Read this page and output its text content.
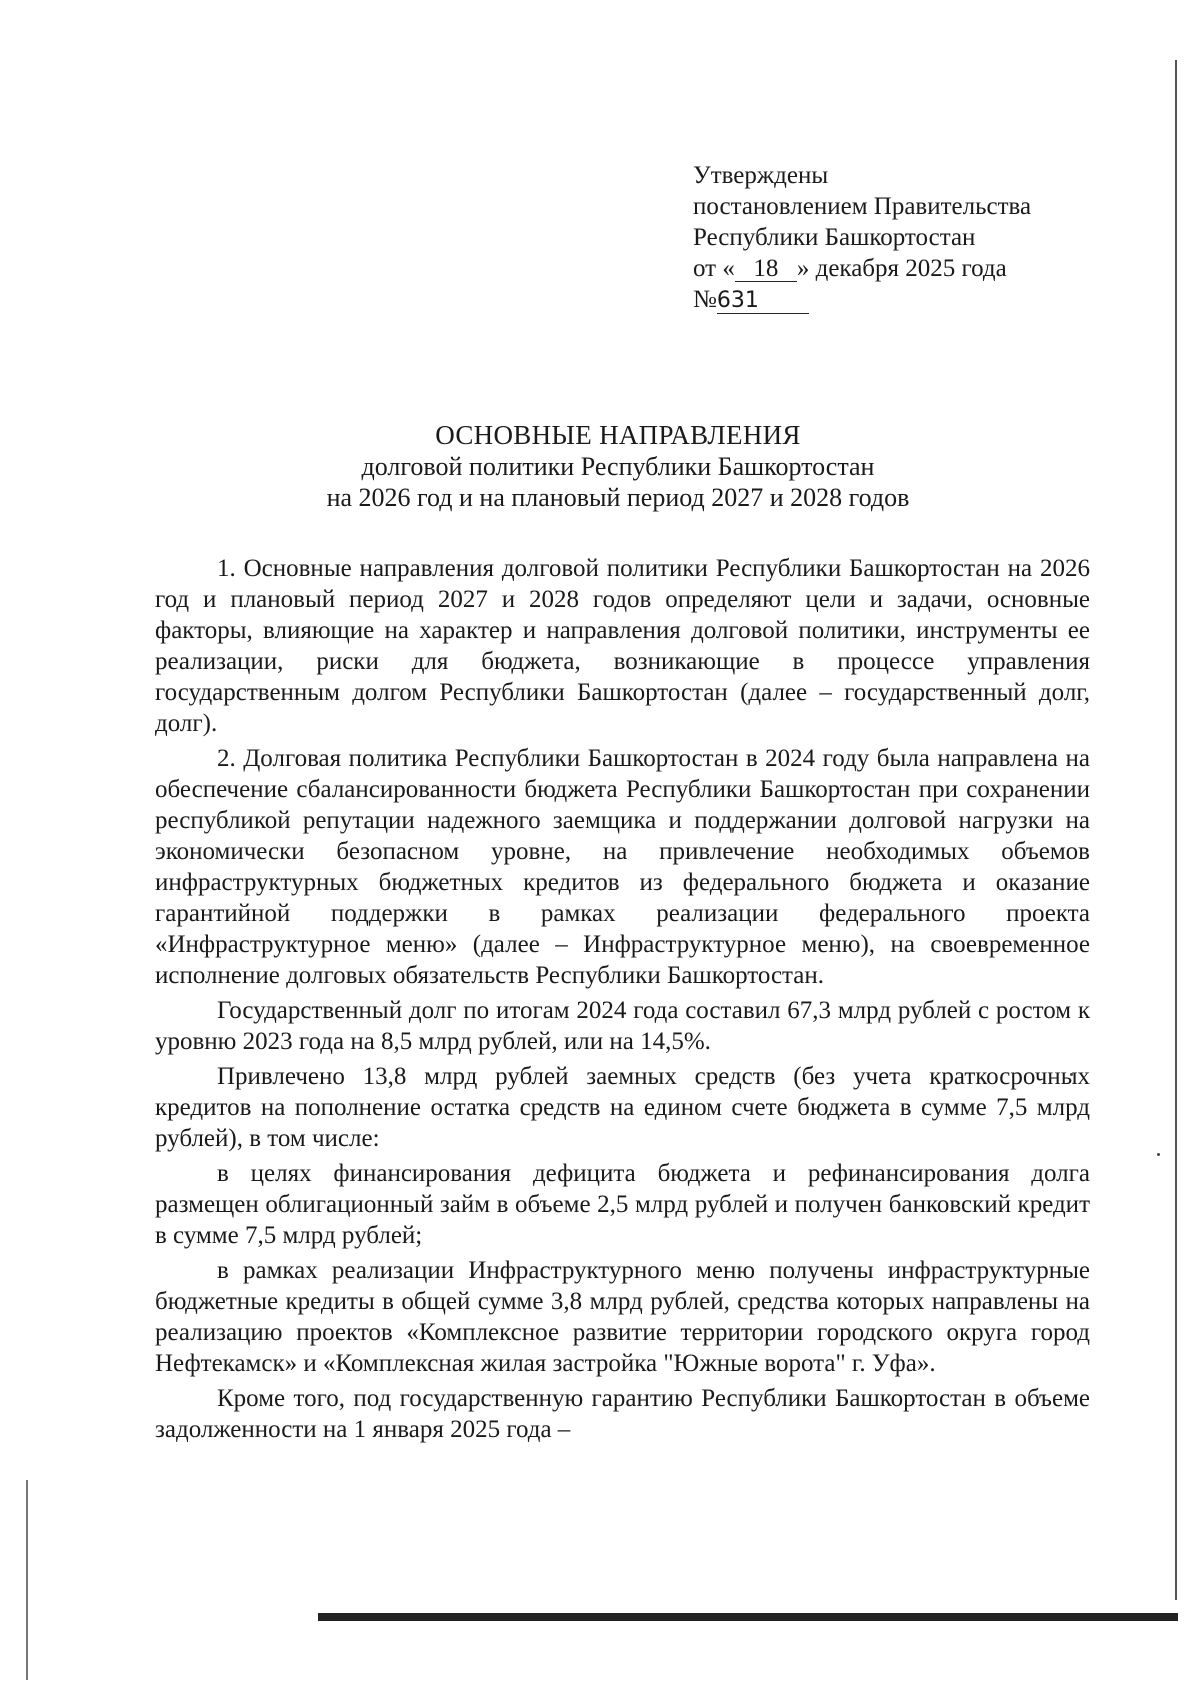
Утверждены
постановлением Правительства
Республики Башкортостан
от « 18 » декабря 2025 года
№631
ОСНОВНЫЕ НАПРАВЛЕНИЯ
долговой политики Республики Башкортостан
на 2026 год и на плановый период 2027 и 2028 годов

1. Основные направления долговой политики Республики Башкортостан на 2026 год и плановый период 2027 и 2028 годов определяют цели и задачи, основные факторы, влияющие на характер и направления долговой политики, инструменты ее реализации, риски для бюджета, возникающие в процессе управления государственным долгом Республики Башкортостан (далее – государственный долг, долг).

2. Долговая политика Республики Башкортостан в 2024 году была направлена на обеспечение сбалансированности бюджета Республики Башкортостан при сохранении республикой репутации надежного заемщика и поддержании долговой нагрузки на экономически безопасном уровне, на привлечение необходимых объемов инфраструктурных бюджетных кредитов из федерального бюджета и оказание гарантийной поддержки в рамках реализации федерального проекта «Инфраструктурное меню» (далее – Инфраструктурное меню), на своевременное исполнение долговых обязательств Республики Башкортостан.

Государственный долг по итогам 2024 года составил 67,3 млрд рублей с ростом к уровню 2023 года на 8,5 млрд рублей, или на 14,5%.

Привлечено 13,8 млрд рублей заемных средств (без учета краткосрочных кредитов на пополнение остатка средств на едином счете бюджета в сумме 7,5 млрд рублей), в том числе:

в целях финансирования дефицита бюджета и рефинансирования долга размещен облигационный займ в объеме 2,5 млрд рублей и получен банковский кредит в сумме 7,5 млрд рублей;

в рамках реализации Инфраструктурного меню получены инфраструктурные бюджетные кредиты в общей сумме 3,8 млрд рублей, средства которых направлены на реализацию проектов «Комплексное развитие территории городского округа город Нефтекамск» и «Комплексная жилая застройка "Южные ворота" г. Уфа».

Кроме того, под государственную гарантию Республики Башкортостан в объеме задолженности на 1 января 2025 года –
